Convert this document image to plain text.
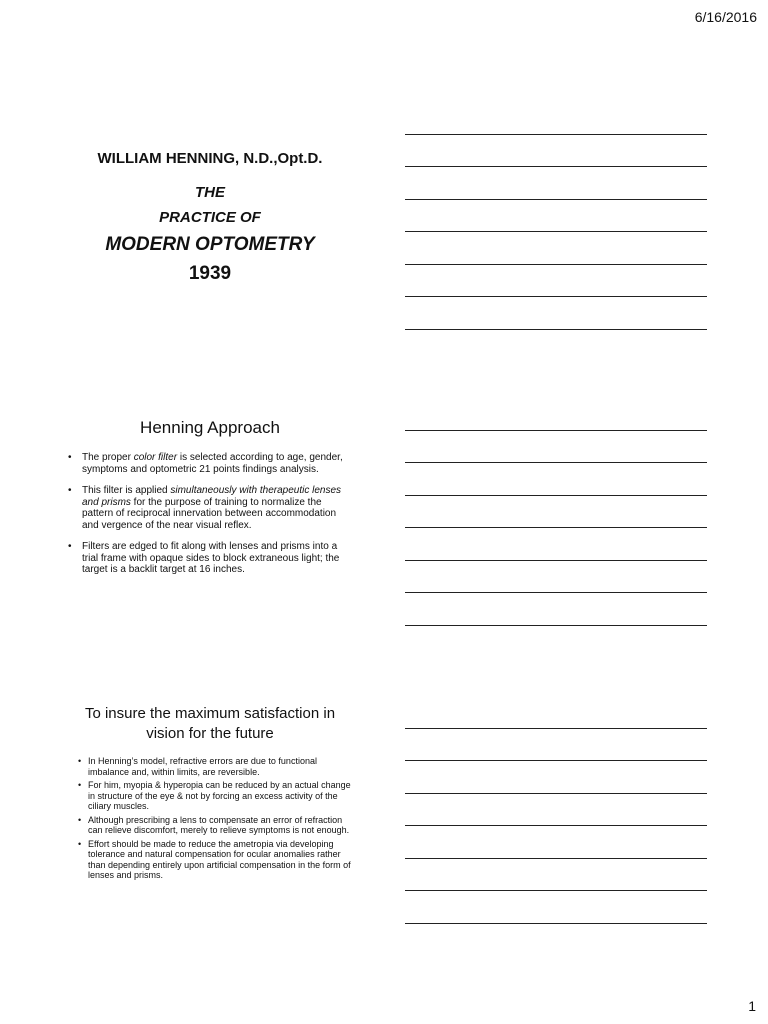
6/16/2016
WILLIAM HENNING, N.D.,Opt.D.
THE
PRACTICE OF
MODERN OPTOMETRY
1939
Henning Approach
• The proper color filter is selected according to age, gender, symptoms and optometric 21 points findings analysis.
• This filter is applied simultaneously with therapeutic lenses and prisms for the purpose of training to normalize the pattern of reciprocal innervation between accommodation and vergence of the near visual reflex.
• Filters are edged to fit along with lenses and prisms into a trial frame with opaque sides to block extraneous light; the target is a backlit target at 16 inches.
To insure the maximum satisfaction in
vision for the future
• In Henning’s model, refractive errors are due to functional imbalance and, within limits, are reversible.
• For him, myopia & hyperopia can be reduced by an actual change in structure of the eye & not by forcing an excess activity of the ciliary muscles.
• Although prescribing a lens to compensate an error of refraction can relieve discomfort, merely to relieve symptoms is not enough.
• Effort should be made to reduce the ametropia via developing tolerance and natural compensation for ocular anomalies rather than depending entirely upon artificial compensation in the form of lenses and prisms.
1
